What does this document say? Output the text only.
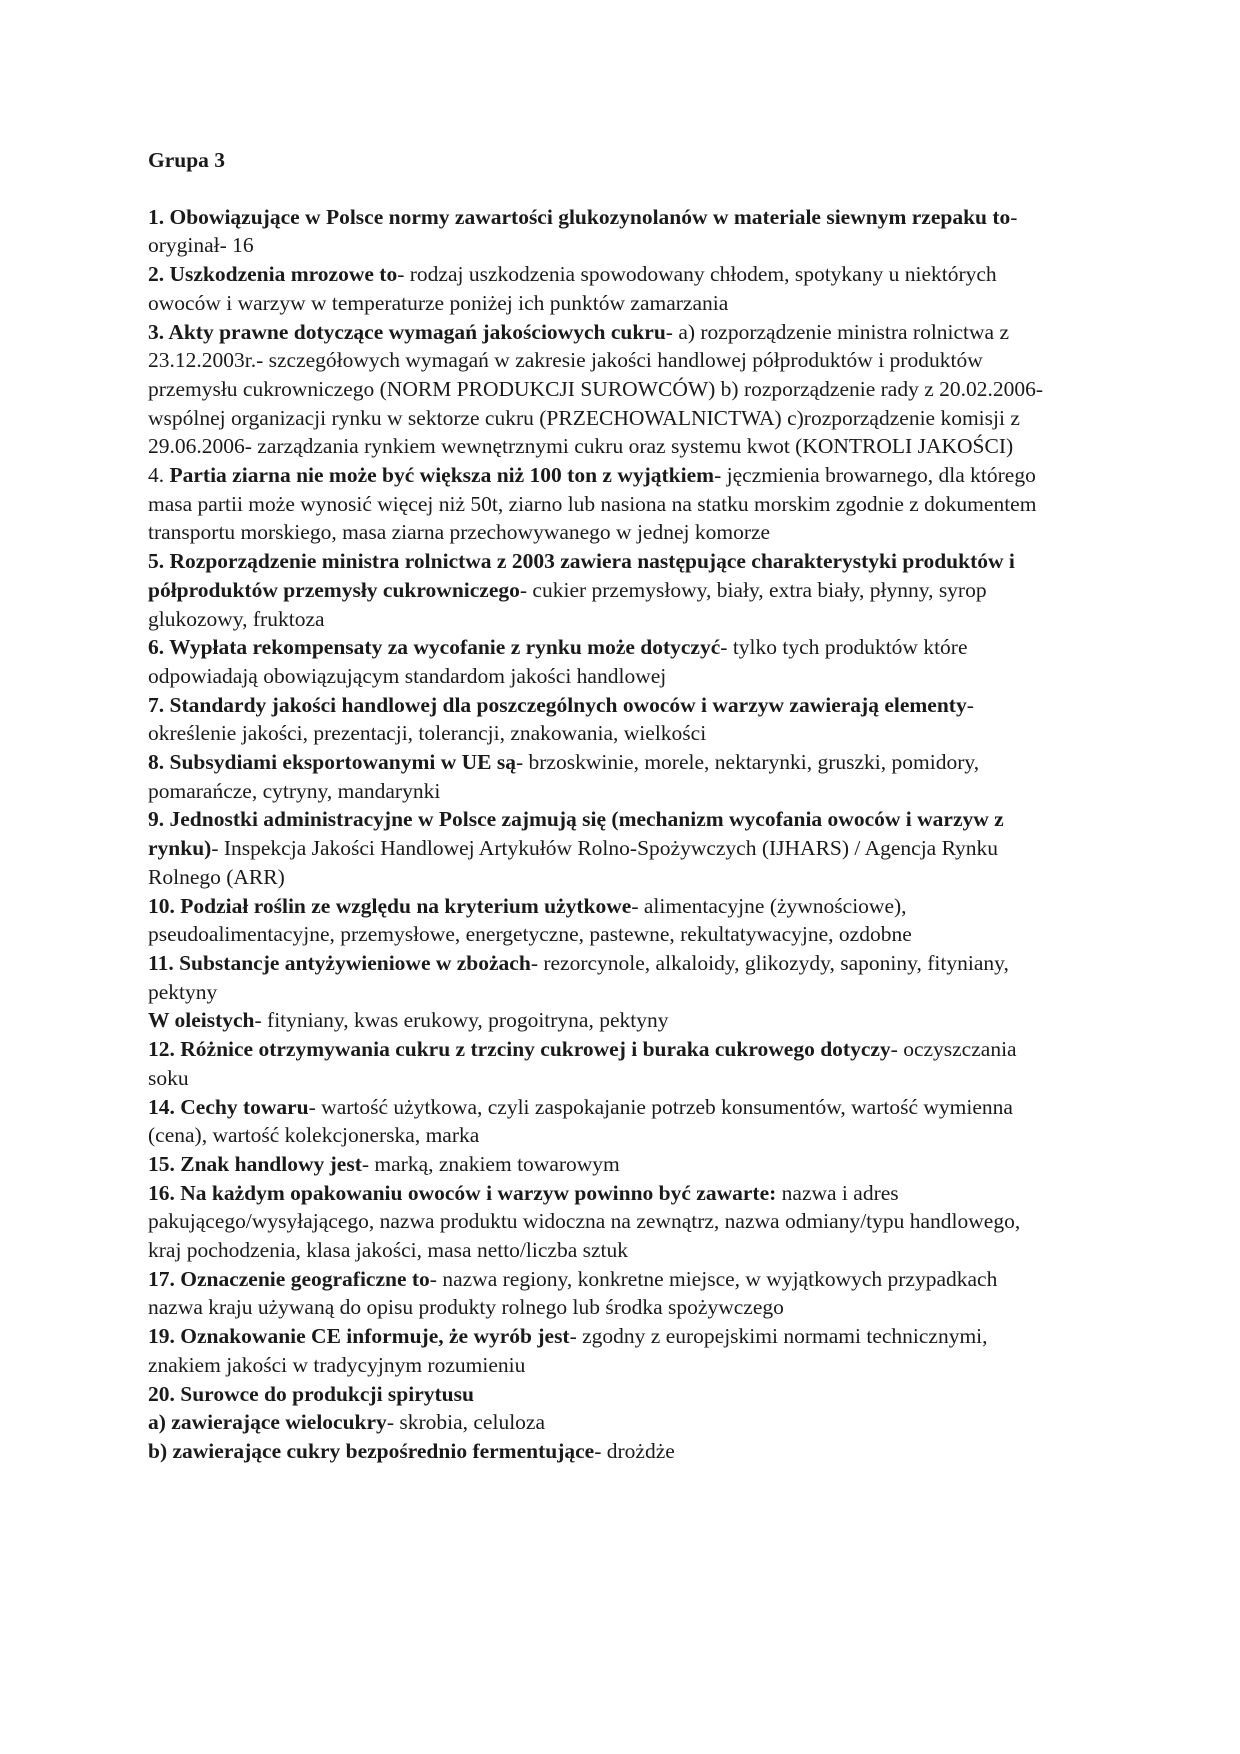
Grupa 3

1. Obowiązujące w Polsce normy zawartości glukozynolanów w materiale siewnym rzepaku to- oryginał- 16

2. Uszkodzenia mrozowe to- rodzaj uszkodzenia spowodowany chłodem, spotykany u niektórych owoców i warzyw w temperaturze poniżej ich punktów zamarzania

3. Akty prawne dotyczące wymagań jakościowych cukru- a) rozporządzenie ministra rolnictwa z 23.12.2003r.- szczegółowych wymagań w zakresie jakości handlowej półproduktów i produktów przemysłu cukrowniczego (NORM PRODUKCJI SUROWCÓW) b) rozporządzenie rady z 20.02.2006- wspólnej organizacji rynku w sektorze cukru (PRZECHOWALNICTWA) c)rozporządzenie komisji z 29.06.2006- zarządzania rynkiem wewnętrznymi cukru oraz systemu kwot (KONTROLI JAKOŚCI)

4. Partia ziarna nie może być większa niż 100 ton z wyjątkiem- jęczmienia browarnego, dla którego masa partii może wynosić więcej niż 50t, ziarno lub nasiona na statku morskim zgodnie z dokumentem transportu morskiego, masa ziarna przechowywanego w jednej komorze

5. Rozporządzenie ministra rolnictwa z 2003 zawiera następujące charakterystyki produktów i półproduktów przemysły cukrowniczego- cukier przemysłowy, biały, extra biały, płynny, syrop glukozowy, fruktoza

6. Wypłata rekompensaty za wycofanie z rynku może dotyczyć- tylko tych produktów które odpowiadają obowiązującym standardom jakości handlowej

7. Standardy jakości handlowej dla poszczególnych owoców i warzyw zawierają elementy- określenie jakości, prezentacji, tolerancji, znakowania, wielkości

8. Subsydiami eksportowanymi w UE są- brzoskwinie, morele, nektarynki, gruszki, pomidory, pomarańcze, cytryny, mandarynki

9. Jednostki administracyjne w Polsce zajmują się (mechanizm wycofania owoców i warzyw z rynku)- Inspekcja Jakości Handlowej Artykułów Rolno-Spożywczych (IJHARS) / Agencja Rynku Rolnego (ARR)

10. Podział roślin ze względu na kryterium użytkowe- alimentacyjne (żywnościowe), pseudoalimentacyjne, przemysłowe, energetyczne, pastewne, rekultatywacyjne, ozdobne

11. Substancje antyżywieniowe w zbożach- rezorcynole, alkaloidy, glikozydy, saponiny, fityniany, pektyny

W oleistych- fityniany, kwas erukowy, progoitryna, pektyny

12. Różnice otrzymywania cukru z trzciny cukrowej i buraka cukrowego dotyczy- oczyszczania soku

14. Cechy towaru- wartość użytkowa, czyli zaspokajanie potrzeb konsumentów, wartość wymienna (cena), wartość kolekcjonerska, marka

15. Znak handlowy jest- marką, znakiem towarowym

16. Na każdym opakowaniu owoców i warzyw powinno być zawarte: nazwa i adres pakującego/wysyłającego, nazwa produktu widoczna na zewnątrz, nazwa odmiany/typu handlowego, kraj pochodzenia, klasa jakości, masa netto/liczba sztuk

17. Oznaczenie geograficzne to- nazwa regiony, konkretne miejsce, w wyjątkowych przypadkach nazwa kraju używaną do opisu produkty rolnego lub środka spożywczego

19. Oznakowanie CE informuje, że wyrób jest- zgodny z europejskimi normami technicznymi, znakiem jakości w tradycyjnym rozumieniu

20. Surowce do produkcji spirytusu

a) zawierające wielocukry- skrobia, celuloza

b) zawierające cukry bezpośrednio fermentujące- drożdże
